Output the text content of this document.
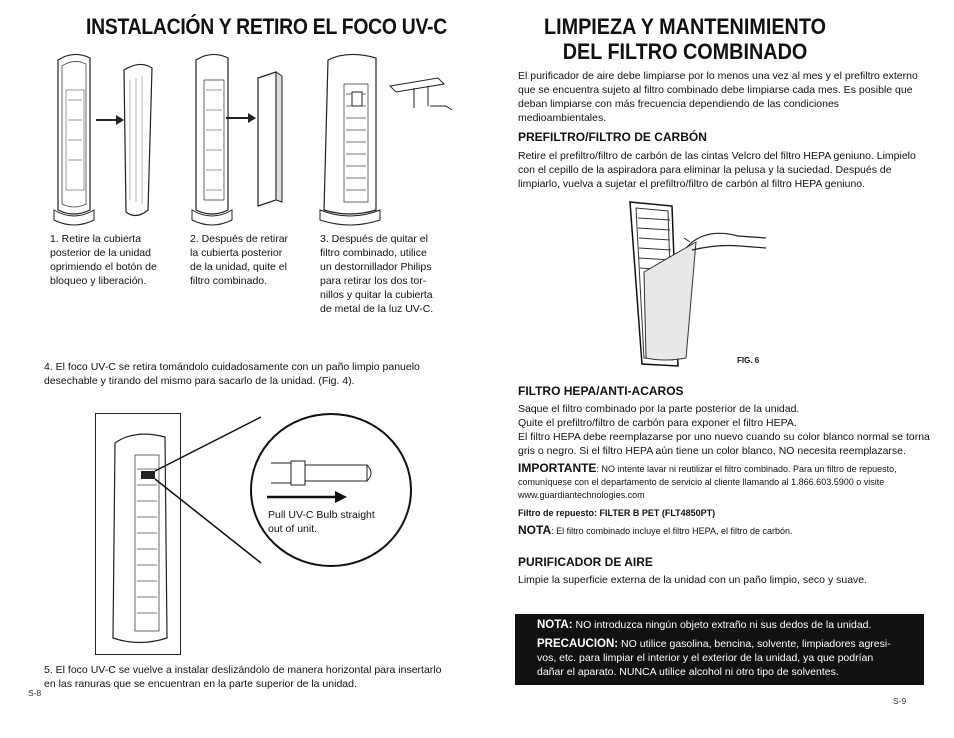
INSTALACIÓN Y RETIRO EL FOCO UV-C
1. Retire la cubierta posterior de la unidad oprimiendo el botón de bloqueo y liberación.
2. Después de retirar la cubierta posterior de la unidad, quite el filtro combinado.
3. Después de quitar el filtro combinado, utilice un destornillador Philips para retirar los dos tor- nillos y quitar la cubierta de metal de la luz UV-C.
4. El foco UV-C se retira tomándolo cuidadosamente con un paño limpio panuelo desechable y tirando del mismo para sacarlo de la unidad. (Fig. 4).
Pull UV-C Bulb straight out of unit.
5. El foco UV-C se vuelve a instalar deslizándolo de manera horizontal para insertarlo en las ranuras que se encuentran en la parte superior de la unidad.
S-8
LIMPIEZA Y MANTENIMIENTO
DEL FILTRO COMBINADO
El purificador de aire debe limpiarse por lo menos una vez al mes y el prefiltro externo que se encuentra sujeto al filtro combinado debe limpiarse cada mes. Es posible que deban limpiarse con más frecuencia dependiendo de las condiciones medioambientales.
PREFILTRO/FILTRO DE CARBÓN
Retire el prefiltro/filtro de carbón de las cintas Velcro del filtro HEPA geniuno. Limpielo con el cepillo de la aspiradora para eliminar la pelusa y la suciedad. Después de limpiarlo, vuelva a sujetar el prefiltro/filtro de carbón al filtro HEPA geniuno.
FIG. 6
FILTRO HEPA/ANTI-ACAROS
Saque el filtro combinado por la parte posterior de la unidad.
Quite el prefiltro/filtro de carbón para exponer el filtro HEPA.
El filtro HEPA debe reemplazarse por uno nuevo cuando su color blanco normal se torna gris o negro. Si el filtro HEPA aún tiene un color blanco, NO necesita reemplazarse.
IMPORTANTE: NO intente lavar ni reutilizar el filtro combinado. Para un filtro de repuesto, comuníquese con el departamento de servicio al cliente llamando al 1.866.603.5900 o visite www.guardiantechnologies.com
Filtro de repuesto: FILTER B PET (FLT4850PT)
NOTA: El filtro combinado incluye el filtro HEPA, el filtro de carbón.
PURIFICADOR DE AIRE
Limpie la superficie externa de la unidad con un paño limpio, seco y suave.
NOTA: NO introduzca ningún objeto extraño ni sus dedos de la unidad.
PRECAUCION: NO utilice gasolina, bencina, solvente, limpiadores agresi- vos, etc. para limpiar el interior y el exterior de la unidad, ya que podrían dañar el aparato. NUNCA utilice alcohol ni otro tipo de solventes.
S-9
